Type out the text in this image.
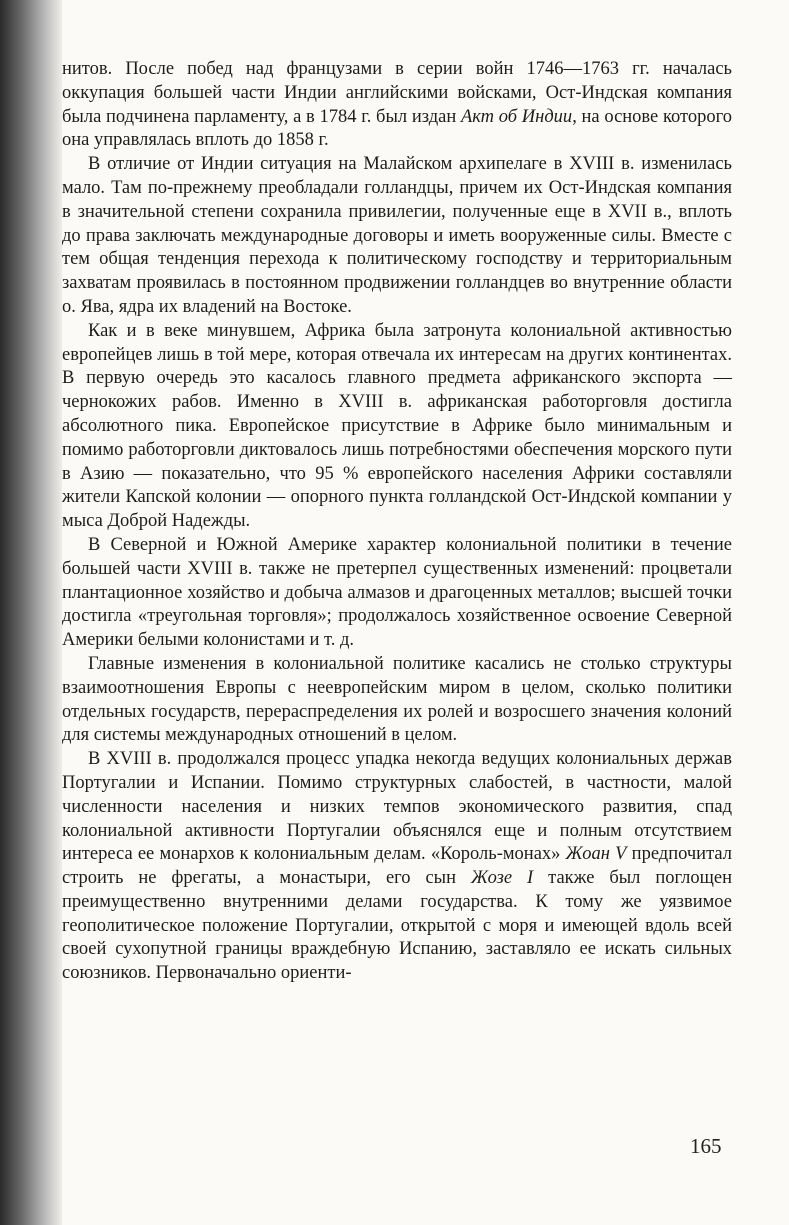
нитов. После побед над французами в серии войн 1746—1763 гг. началась оккупация большей части Индии английскими войсками, Ост-Индская компания была подчинена парламенту, а в 1784 г. был издан Акт об Индии, на основе которого она управлялась вплоть до 1858 г.

В отличие от Индии ситуация на Малайском архипелаге в XVIII в. изменилась мало. Там по-прежнему преобладали голландцы, причем их Ост-Индская компания в значительной степени сохранила привилегии, полученные еще в XVII в., вплоть до права заключать международные договоры и иметь вооруженные силы. Вместе с тем общая тенденция перехода к политическому господству и территориальным захватам проявилась в постоянном продвижении голландцев во внутренние области о. Ява, ядра их владений на Востоке.

Как и в веке минувшем, Африка была затронута колониальной активностью европейцев лишь в той мере, которая отвечала их интересам на других континентах. В первую очередь это касалось главного предмета африканского экспорта — чернокожих рабов. Именно в XVIII в. африканская работорговля достигла абсолютного пика. Европейское присутствие в Африке было минимальным и помимо работорговли диктовалось лишь потребностями обеспечения морского пути в Азию — показательно, что 95 % европейского населения Африки составляли жители Капской колонии — опорного пункта голландской Ост-Индской компании у мыса Доброй Надежды.

В Северной и Южной Америке характер колониальной политики в течение большей части XVIII в. также не претерпел существенных изменений: процветали плантационное хозяйство и добыча алмазов и драгоценных металлов; высшей точки достигла «треугольная торговля»; продолжалось хозяйственное освоение Северной Америки белыми колонистами и т. д.

Главные изменения в колониальной политике касались не столько структуры взаимоотношения Европы с неевропейским миром в целом, сколько политики отдельных государств, перераспределения их ролей и возросшего значения колоний для системы международных отношений в целом.

В XVIII в. продолжался процесс упадка некогда ведущих колониальных держав Португалии и Испании. Помимо структурных слабостей, в частности, малой численности населения и низких темпов экономического развития, спад колониальной активности Португалии объяснялся еще и полным отсутствием интереса ее монархов к колониальным делам. «Король-монах» Жоан V предпочитал строить не фрегаты, а монастыри, его сын Жозе I также был поглощен преимущественно внутренними делами государства. К тому же уязвимое геополитическое положение Португалии, открытой с моря и имеющей вдоль всей своей сухопутной границы враждебную Испанию, заставляло ее искать сильных союзников. Первоначально ориенти-

165
